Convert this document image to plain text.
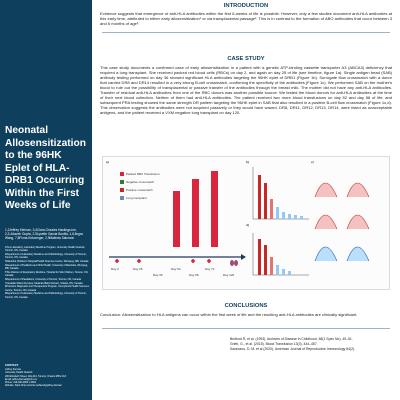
Neonatal Allosensitization to the 96HK Eplet of HLA-DRB1 Occurring Within the First Weeks of Life
1,2Jeffrey Kiernan, 3,4Clara Grizales Hastings-ine, 2,3,4Aazeh Gupta, 2,5Lysette Garcia Bonilla, 1,6Jingxo Wang, 7,8Fiona Kirkcenger, 2,9Malinda Salomon
1HLA Laboratory, Laboratory Medicine Program, University Health Network, Toronto, ON, Canada
2Department of Laboratory Medicine and Pathobiology, University of Toronto, Toronto, ON, Canada
3Manitoba Children's Hospital/Health Sciences Centre, Winnipeg, MB, Canada
4Department of Pediatrics and Child Health, University of Manitoba, Winnipeg, MB, Canada
5The Division of Respiratory Medicine, Hospital for Sick Children, Toronto, ON, Canada
6Department of Paediatrics, University of Toronto, Toronto, ON, Canada
7Canadian Blood Services, Medical Affairs Division, Ottawa, ON, Canada
8Precision Diagnostic and Therapeutics Program, Sunnybrook Health Sciences Centre, Toronto, ON, Canada
9Department of Laboratory Medicine and Pathobiology, University of Toronto, Toronto, ON, Canada
CONTACT
Jeffrey Kiernan
University Health Network
200 Elizabeth Street, 11E-444, Toronto, Ontario M5G 2C4
Email: jeffrey.kiernan@uhn.ca
Phone: 416-340-4800 x 6602
Website: https://lmp.utoronto.ca/faculty/jeffrey-kiernan
INTRODUCTION

Evidence suggests that emergence of anti-HLA antibodies within the first 6-weeks of life is possible. However, only a few studies document anti-HLA antibodies at this early time, attributed to either early allosensitization¹ or via transplacental passage². This is in contrast to the formation of ABO antibodies that occur between 3 and 6 months of age³.

CASE STUDY

This case study documents a confirmed case of early allosensitization in a patient with a genetic ATP-binding cassette transporter A3 (ABCA3) deficiency that required a lung transplant. She received packed red blood cells (RBCs) on day 2, and again on day 25 of life (see timeline, figure 1a). Single antigen bead (SAB) antibody testing performed on day 36 showed significant HLA antibodies targeting the 96HK eplet of DRB1 (Figure 1b). Surrogate flow crossmatch with a donor that carried DR8 and DR14 resulted in a very strong B-cell crossmatch, confirming the specificity of the antibodies (Figure 1c). We performed SAB on the mother's blood to rule out the possibility of transplacental or passive transfer of the antibodies through the breast milk. The mother did not have any anti-HLA antibodies. Transfer of residual anti-HLA antibodies from one of the RBC donors was another possible source. We tested the blood donors for anti-HLA antibodies at the time of their next blood collection. Neither of them had anti-HLA antibodies. The patient received two more blood transfusions on day 52 and day 58 of life, and subsequent PRA testing showed the same strength DR pattern targeting the 96HK eplet in SAB that also resulted in a positive B-cell flow crossmatch (Figure 1c,d). This observation suggests the antibodies were not acquired passively or they would have waned. DR8, DR11, DR12, DR13, DR14, were listed as unacceptable antigens, and the patient received a VXM negative lung transplant on day 120.

a)	b)	c)
d)
Packed RBC Transfusion
Negative crossmatch
Positive crossmatch
Lung transplant
Day 2	Day 25
Day 36
Day 52
Day 58
Day 71
Day 120
CONCLUSIONS

Conclusion: Allosensitization to HLA antigens can occur within the first week of life and the resulting anti-HLA antibodies are clinically significant.

Bedford R, et al. (1993). Archives of Disease in Childhood, 68(1 Spec No), 49–51.
Grieb, G., et al. (2015). Blood Transfusion 13(3), 444–457.
Saraiusco, D. M. et al (2020). American Journal of Reproductive Immunology 84(2).
